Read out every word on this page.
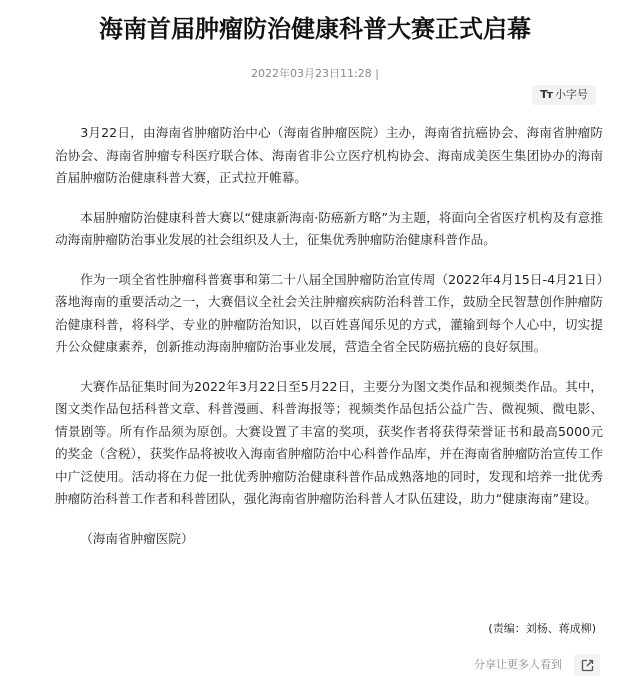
海南首届肿瘤防治健康科普大赛正式启幕
2022年03月23日11:28 |
Tт 小字号

3月22日，由海南省肿瘤防治中心（海南省肿瘤医院）主办，海南省抗癌协会、海南省肿瘤防治协会、海南省肿瘤专科医疗联合体、海南省非公立医疗机构协会、海南成美医生集团协办的海南首届肿瘤防治健康科普大赛，正式拉开帷幕。

本届肿瘤防治健康科普大赛以“健康新海南·防癌新方略”为主题，将面向全省医疗机构及有意推动海南肿瘤防治事业发展的社会组织及人士，征集优秀肿瘤防治健康科普作品。

作为一项全省性肿瘤科普赛事和第二十八届全国肿瘤防治宣传周（2022年4月15日-4月21日）落地海南的重要活动之一，大赛倡议全社会关注肿瘤疾病防治科普工作，鼓励全民智慧创作肿瘤防治健康科普，将科学、专业的肿瘤防治知识，以百姓喜闻乐见的方式，灌输到每个人心中，切实提升公众健康素养，创新推动海南肿瘤防治事业发展，营造全省全民防癌抗癌的良好氛围。

大赛作品征集时间为2022年3月22日至5月22日，主要分为图文类作品和视频类作品。其中，图文类作品包括科普文章、科普漫画、科普海报等；视频类作品包括公益广告、微视频、微电影、情景剧等。所有作品须为原创。大赛设置了丰富的奖项，获奖作者将获得荣誉证书和最高5000元的奖金（含税），获奖作品将被收入海南省肿瘤防治中心科普作品库，并在海南省肿瘤防治宣传工作中广泛使用。活动将在力促一批优秀肿瘤防治健康科普作品成熟落地的同时，发现和培养一批优秀肿瘤防治科普工作者和科普团队，强化海南省肿瘤防治科普人才队伍建设，助力“健康海南”建设。

（海南省肿瘤医院）

(责编：刘杨、蒋成柳)
分享让更多人看到
